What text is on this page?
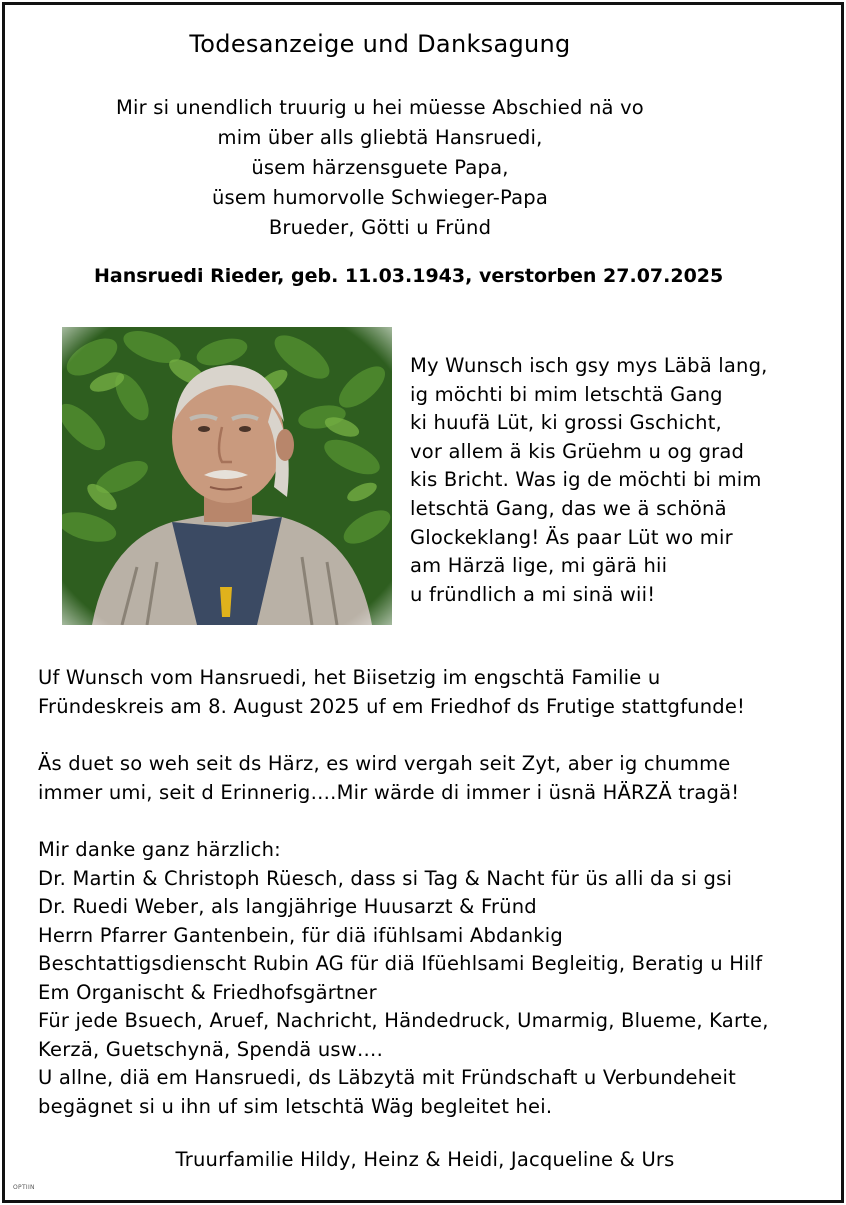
Todesanzeige und Danksagung
Mir si unendlich truurig u hei müesse Abschied nä vo
mim über alls gliebtä Hansruedi,
üsem härzensguete Papa,
üsem humorvolle Schwieger-Papa
Brueder, Götti u Fründ
Hansruedi Rieder, geb. 11.03.1943, verstorben 27.07.2025
My Wunsch isch gsy mys Läbä lang,
ig möchti bi mim letschtä Gang
ki huufä Lüt, ki grossi Gschicht,
vor allem ä kis Grüehm u og grad
kis Bricht. Was ig de möchti bi mim
letschtä Gang, das we ä schönä
Glockeklang! Äs paar Lüt wo mir
am Härzä lige, mi gärä hii
u fründlich a mi sinä wii!
Uf Wunsch vom Hansruedi, het Biisetzig im engschtä Familie u
Fründeskreis am 8. August 2025 uf em Friedhof ds Frutige stattgfunde!
Äs duet so weh seit ds Härz, es wird vergah seit Zyt, aber ig chumme
immer umi, seit d Erinnerig….Mir wärde di immer i üsnä HÄRZÄ tragä!
Mir danke ganz härzlich:
Dr. Martin & Christoph Rüesch, dass si Tag & Nacht für üs alli da si gsi
Dr. Ruedi Weber, als langjährige Huusarzt & Fründ
Herrn Pfarrer Gantenbein, für diä ifühlsami Abdankig
Beschtattigsdienscht Rubin AG für diä Ifüehlsami Begleitig, Beratig u Hilf
Em Organischt & Friedhofsgärtner
Für jede Bsuech, Aruef, Nachricht, Händedruck, Umarmig, Blueme, Karte,
Kerzä, Guetschynä, Spendä usw….
U allne, diä em Hansruedi, ds Läbzytä mit Fründschaft u Verbundeheit
begägnet si u ihn uf sim letschtä Wäg begleitet hei.
Truurfamilie Hildy, Heinz & Heidi, Jacqueline & Urs
OPTIIN
